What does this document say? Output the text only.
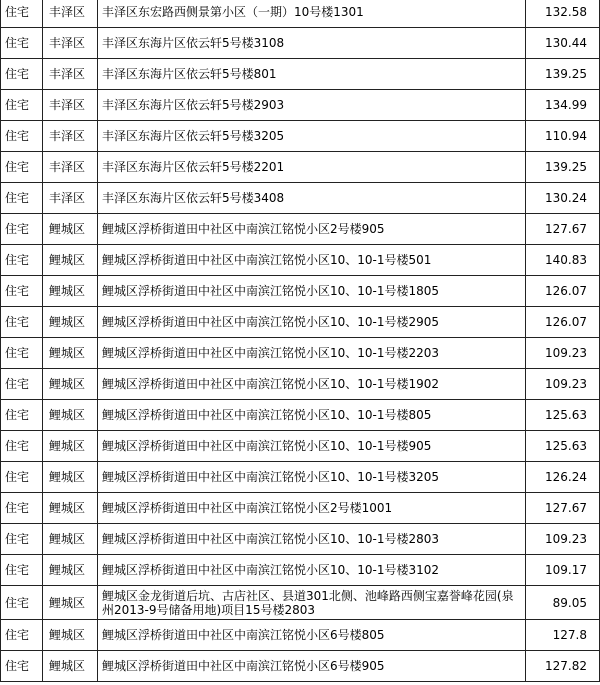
住宅	丰泽区	丰泽区东宏路西侧景第小区（一期）10号楼1301	132.58
住宅	丰泽区	丰泽区东海片区依云轩5号楼3108	130.44
住宅	丰泽区	丰泽区东海片区依云轩5号楼801	139.25
住宅	丰泽区	丰泽区东海片区依云轩5号楼2903	134.99
住宅	丰泽区	丰泽区东海片区依云轩5号楼3205	110.94
住宅	丰泽区	丰泽区东海片区依云轩5号楼2201	139.25
住宅	丰泽区	丰泽区东海片区依云轩5号楼3408	130.24
住宅	鲤城区	鲤城区浮桥街道田中社区中南滨江铭悦小区2号楼905	127.67
住宅	鲤城区	鲤城区浮桥街道田中社区中南滨江铭悦小区10、10-1号楼501	140.83
住宅	鲤城区	鲤城区浮桥街道田中社区中南滨江铭悦小区10、10-1号楼1805	126.07
住宅	鲤城区	鲤城区浮桥街道田中社区中南滨江铭悦小区10、10-1号楼2905	126.07
住宅	鲤城区	鲤城区浮桥街道田中社区中南滨江铭悦小区10、10-1号楼2203	109.23
住宅	鲤城区	鲤城区浮桥街道田中社区中南滨江铭悦小区10、10-1号楼1902	109.23
住宅	鲤城区	鲤城区浮桥街道田中社区中南滨江铭悦小区10、10-1号楼805	125.63
住宅	鲤城区	鲤城区浮桥街道田中社区中南滨江铭悦小区10、10-1号楼905	125.63
住宅	鲤城区	鲤城区浮桥街道田中社区中南滨江铭悦小区10、10-1号楼3205	126.24
住宅	鲤城区	鲤城区浮桥街道田中社区中南滨江铭悦小区2号楼1001	127.67
住宅	鲤城区	鲤城区浮桥街道田中社区中南滨江铭悦小区10、10-1号楼2803	109.23
住宅	鲤城区	鲤城区浮桥街道田中社区中南滨江铭悦小区10、10-1号楼3102	109.17
住宅	鲤城区	鲤城区金龙街道后坑、古店社区、县道301北侧、池峰路西侧宝嘉誉峰花园(泉州2013-9号储备用地)项目15号楼2803	89.05
住宅	鲤城区	鲤城区浮桥街道田中社区中南滨江铭悦小区6号楼805	127.8
住宅	鲤城区	鲤城区浮桥街道田中社区中南滨江铭悦小区6号楼905	127.82
